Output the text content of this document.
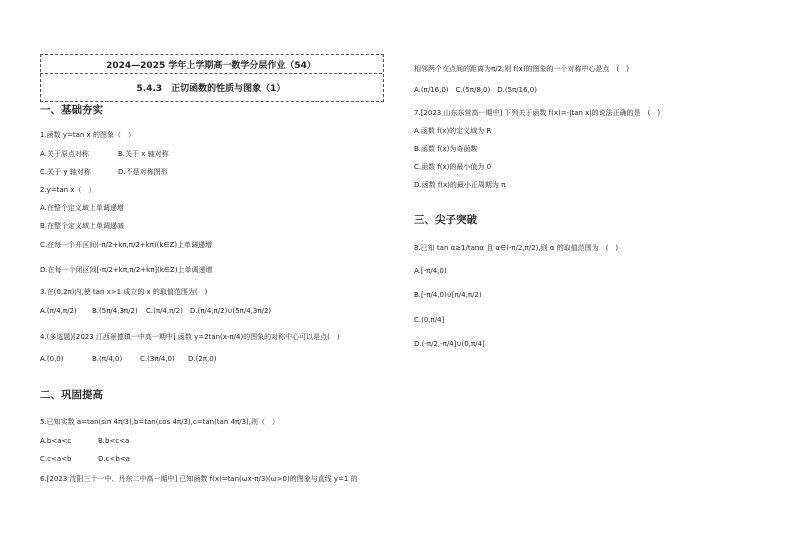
2024—2025 学年上学期高一数学分层作业（54）
5.4.3　正切函数的性质与图象（1）
一、基础夯实
1.函数 y=tan x 的图象（　）
A.关于原点对称	B.关于 x 轴对称
C.关于 y 轴对称	D.不是对称图形
2.y=tan x（　）
A.在整个定义域上单调递增
B.在整个定义域上单调递减
C.在每一个开区间(-π/2+kπ,π/2+kπ)(k∈Z)上单调递增
D.在每一个闭区间[-π/2+kπ,π/2+kπ](k∈Z)上单调递增
3.在(0,2π)内,使 tan x>1 成立的 x 的取值范围为(　)
A.(π/4,π/2) B.(5π/4,3π/2) C.(π/4,π/2) D.(π/4,π/2)∪(5π/4,3π/2)
4.(多选题)[2023 江西景德镇一中高一期中] 函数 y=2tan(x-π/4)的图象的对称中心可以是点(　)
A.(0,0)	B.(π/4,0)	C.(3π/4,0) D.(2π,0)
二、巩固提高
5.已知实数 a=tan(sin 4π/3),b=tan(cos 4π/3),c=tan(tan 4π/3),则（　）
A.b<a<c	B.b<c<a
C.c<a<b	D.c<b<a
6.[2023 沈阳三十一中、丹东二中高一期中] 已知函数 f(x)=tan(ωx-π/3)(ω>0)的图象与直线 y=1 的
相邻两个交点间的距离为π/2,则 f(x)的图象的一个对称中心是点　(　)
A.(π/16,0)　C.(5π/8,0)　D.(5π/16,0)
7.[2023 山东东营高一期中] 下列关于函数 f(x)=-|tan x|的说法正确的是　(　)
A.函数 f(x)的定义域为 R
B.函数 f(x)为奇函数
C.函数 f(x)的最小值为 0
D.函数 f(x)的最小正周期为 π
三、尖子突破
8.已知 tan α≥1/tanα 且 α∈(-π/2,π/2),则 α 的取值范围为　(　)
A.[-π/4,0)
B.[-π/4,0)∪[π/4,π/2)
C.(0,π/4]
D.(-π/2,-π/4]∪(0,π/4]
